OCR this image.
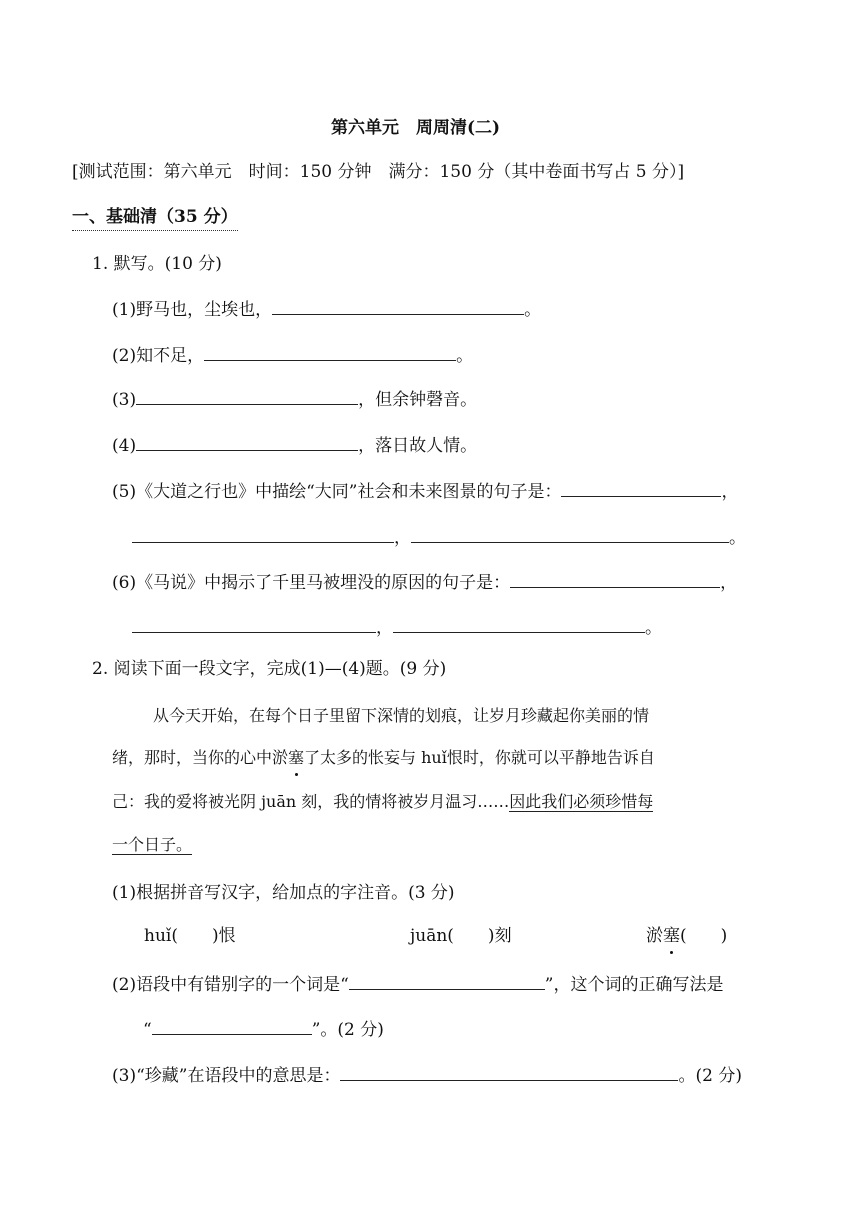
第六单元　周周清(二)
[测试范围：第六单元　时间：150 分钟　满分：150 分（其中卷面书写占 5 分）]
一、基础清（35 分）
1. 默写。(10 分)
(1)野马也，尘埃也，	。
(2)知不足，	。
(3)	，但余钟磬音。
(4)	，落日故人情。
(5)《大道之行也》中描绘“大同”社会和未来图景的句子是：	，
，	。
(6)《马说》中揭示了千里马被埋没的原因的句子是：	，
，	。
2. 阅读下面一段文字，完成(1)—(4)题。(9 分)
从今天开始，在每个日子里留下深情的划痕，让岁月珍藏起你美丽的情
绪，那时，当你的心中淤塞了太多的怅妄与 huǐ恨时，你就可以平静地告诉自
己：我的爱将被光阴 juān 刻，我的情将被岁月温习……因此我们必须珍惜每
一个日子。
(1)根据拼音写汉字，给加点的字注音。(3 分)
huǐ(　　)恨	juān(　　)刻	淤塞(　　)
(2)语段中有错别字的一个词是“	”，这个词的正确写法是
“	”。(2 分)
(3)“珍藏”在语段中的意思是：	。(2 分)
